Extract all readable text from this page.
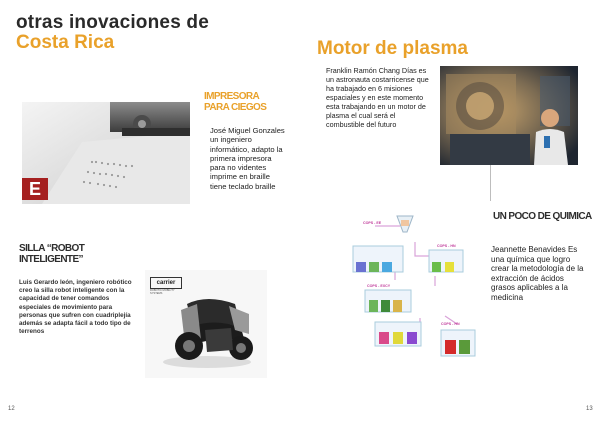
otras inovaciones de
Costa Rica
E
IMPRESORA PARA CIEGOS
José Miguel Gonzales un ingeniero informático, adapto la primera impresora para no videntes imprime en braille tiene teclado braille
SILLA “ROBOT INTELIGENTE”
Luis Gerardo león, ingeniero robótico creo la silla robot inteligente con la capacidad de tener comandos especiales de movimiento para personas que sufren con cuadriplejía además se adapta fácil a todo tipo de terrenos
carrier
ROBOTIC MOBILITY SYSTEMS
12
Motor de plasma
Franklin Ramón Chang Días es un astronauta costarricense que ha trabajado en 6 misiones espaciales y en este momento esta trabajando en un motor de plasma el cual será el combustible del futuro
UN POCO DE QUIMICA
Jeannette Benavides Es una química que logro crear la metodología de la extracción de ácidos grasos aplicables a la medicina
COPS - EE
COPS - HN
COPS - EXCY
COPS - HN
13
